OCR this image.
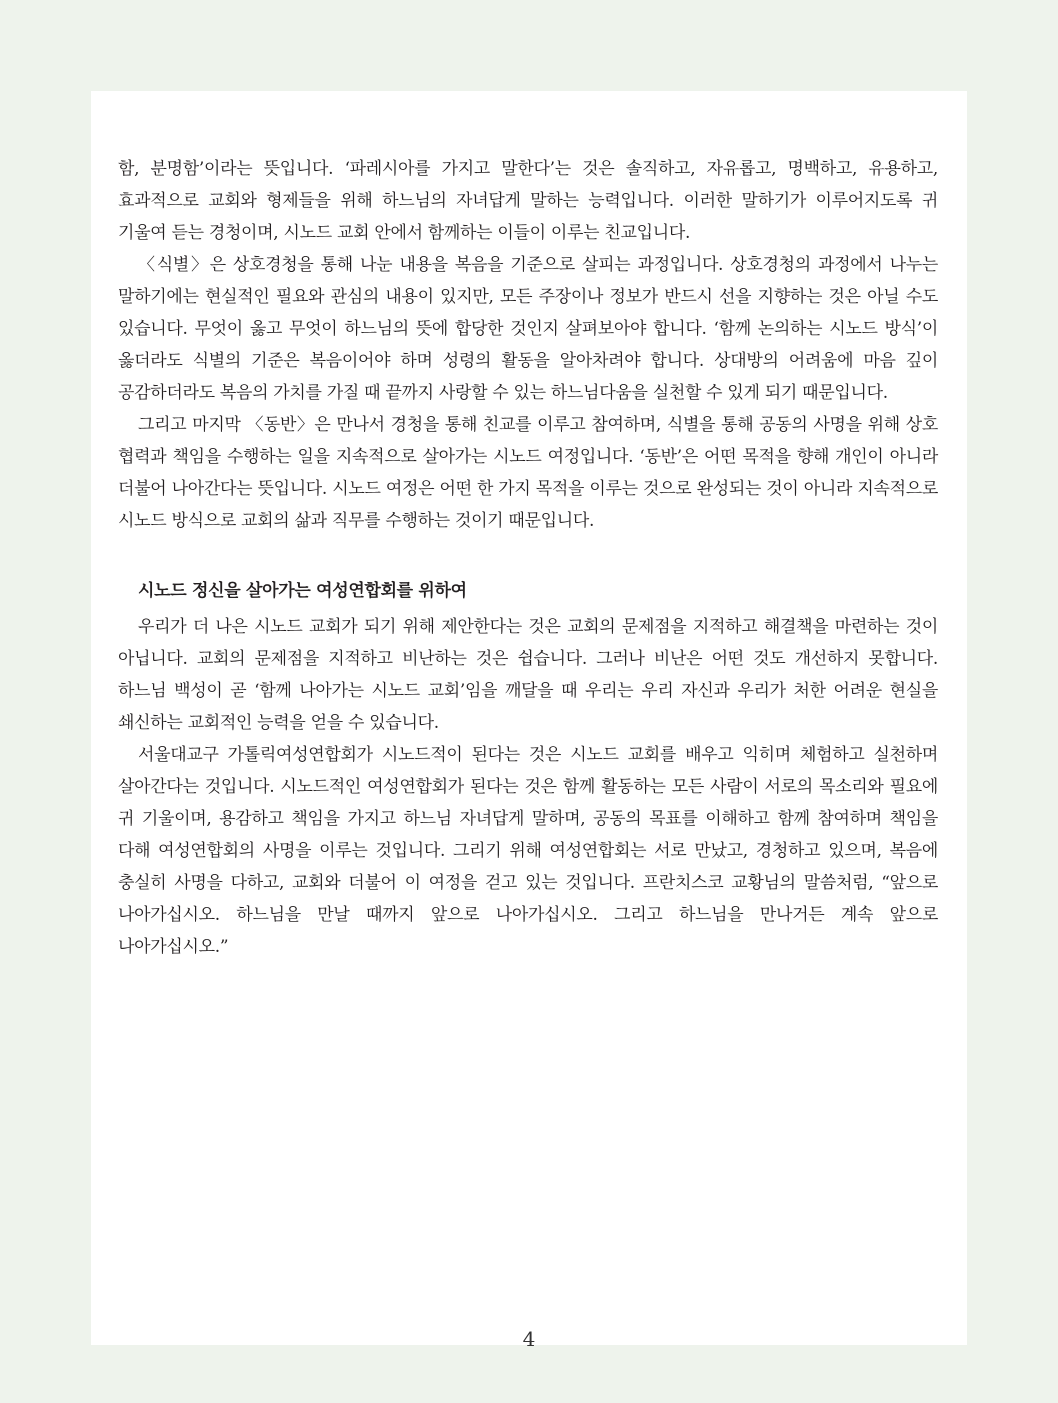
함, 분명함’이라는 뜻입니다. ‘파레시아를 가지고 말한다’는 것은 솔직하고, 자유롭고, 명백하고, 유용하고, 효과적으로 교회와 형제들을 위해 하느님의 자녀답게 말하는 능력입니다. 이러한 말하기가 이루어지도록 귀 기울여 듣는 경청이며, 시노드 교회 안에서 함께하는 이들이 이루는 친교입니다.

〈식별〉은 상호경청을 통해 나눈 내용을 복음을 기준으로 살피는 과정입니다. 상호경청의 과정에서 나누는 말하기에는 현실적인 필요와 관심의 내용이 있지만, 모든 주장이나 정보가 반드시 선을 지향하는 것은 아닐 수도 있습니다. 무엇이 옳고 무엇이 하느님의 뜻에 합당한 것인지 살펴보아야 합니다. ‘함께 논의하는 시노드 방식’이 옳더라도 식별의 기준은 복음이어야 하며 성령의 활동을 알아차려야 합니다. 상대방의 어려움에 마음 깊이 공감하더라도 복음의 가치를 가질 때 끝까지 사랑할 수 있는 하느님다움을 실천할 수 있게 되기 때문입니다.

그리고 마지막 〈동반〉은 만나서 경청을 통해 친교를 이루고 참여하며, 식별을 통해 공동의 사명을 위해 상호 협력과 책임을 수행하는 일을 지속적으로 살아가는 시노드 여정입니다. ‘동반’은 어떤 목적을 향해 개인이 아니라 더불어 나아간다는 뜻입니다. 시노드 여정은 어떤 한 가지 목적을 이루는 것으로 완성되는 것이 아니라 지속적으로 시노드 방식으로 교회의 삶과 직무를 수행하는 것이기 때문입니다.

시노드 정신을 살아가는 여성연합회를 위하여

우리가 더 나은 시노드 교회가 되기 위해 제안한다는 것은 교회의 문제점을 지적하고 해결책을 마련하는 것이 아닙니다. 교회의 문제점을 지적하고 비난하는 것은 쉽습니다. 그러나 비난은 어떤 것도 개선하지 못합니다. 하느님 백성이 곧 ‘함께 나아가는 시노드 교회’임을 깨달을 때 우리는 우리 자신과 우리가 처한 어려운 현실을 쇄신하는 교회적인 능력을 얻을 수 있습니다.

서울대교구 가톨릭여성연합회가 시노드적이 된다는 것은 시노드 교회를 배우고 익히며 체험하고 실천하며 살아간다는 것입니다. 시노드적인 여성연합회가 된다는 것은 함께 활동하는 모든 사람이 서로의 목소리와 필요에 귀 기울이며, 용감하고 책임을 가지고 하느님 자녀답게 말하며, 공동의 목표를 이해하고 함께 참여하며 책임을 다해 여성연합회의 사명을 이루는 것입니다. 그리기 위해 여성연합회는 서로 만났고, 경청하고 있으며, 복음에 충실히 사명을 다하고, 교회와 더불어 이 여정을 걷고 있는 것입니다. 프란치스코 교황님의 말씀처럼, “앞으로 나아가십시오. 하느님을 만날 때까지 앞으로 나아가십시오. 그리고 하느님을 만나거든 계속 앞으로 나아가십시오.”

4
